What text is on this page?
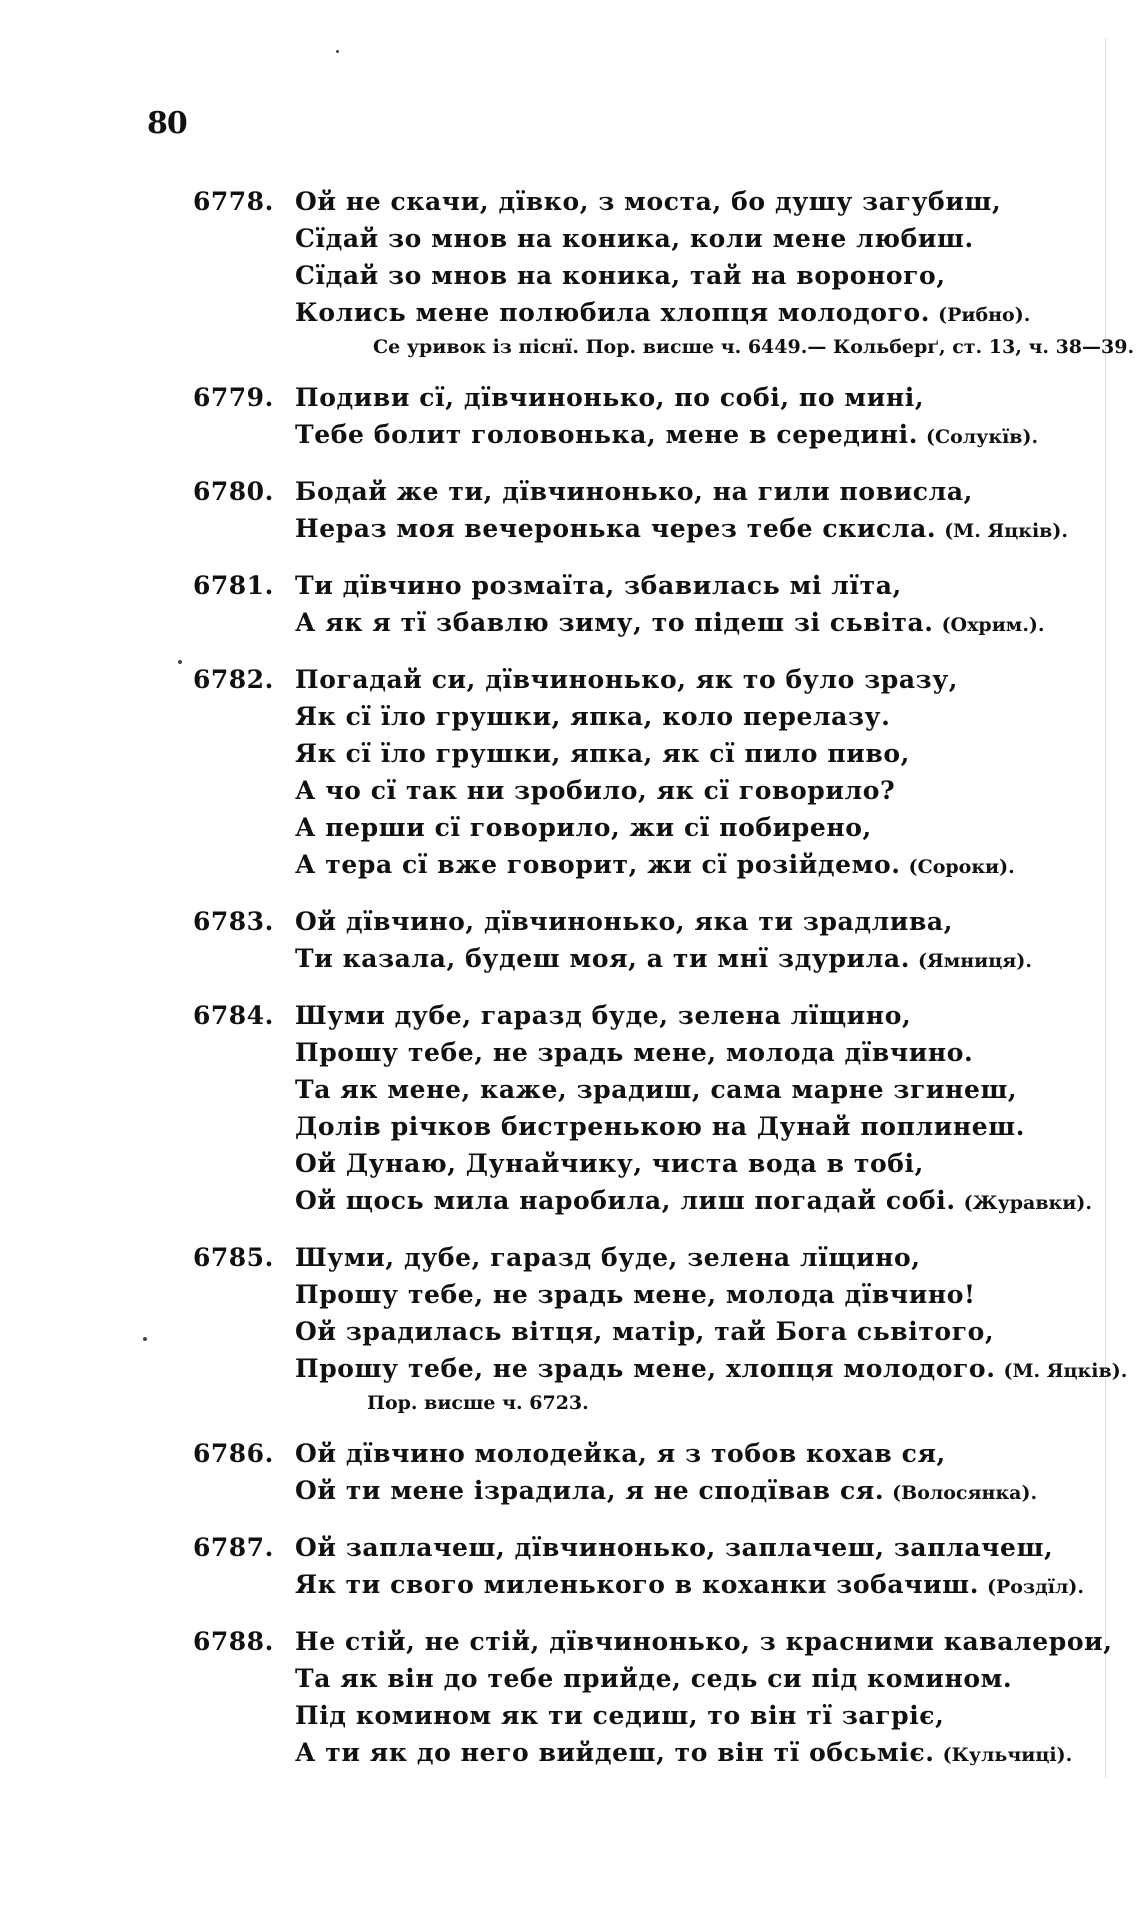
80
6778. Ой не скачи, дївко, з моста, бо душу загубиш,
Сїдай зо мнов на коника, коли мене любиш.
Сїдай зо мнов на коника, тай на вороного,
Колись мене полюбила хлопця молодого. (Рибно).
Се уривок із піснї. Пор. висше ч. 6449.— Кольберґ, ст. 13, ч. 38—39.
6779. Подиви сї, дївчинонько, по собі, по мині,
Тебе болит головонька, мене в середині. (Солукїв).
6780. Бодай же ти, дївчинонько, на гили повисла,
Нераз моя вечеронька через тебе скисла. (М. Яцків).
6781. Ти дївчино розмаїта, збавилась мі лїта,
А як я тї збавлю зиму, то підеш зі сьвіта. (Охрим.).
6782. Погадай си, дївчинонько, як то було зразу,
Як сї їло грушки, япка, коло перелазу.
Як сї їло грушки, япка, як сї пило пиво,
А чо сї так ни зробило, як сї говорило?
А перши сї говорило, жи сї побирено,
А тера сї вже говорит, жи сї розійдемо. (Сороки).
6783. Ой дївчино, дївчинонько, яка ти зрадлива,
Ти казала, будеш моя, а ти мнї здурила. (Ямниця).
6784. Шуми дубе, гаразд буде, зелена лїщино,
Прошу тебе, не зрадь мене, молода дївчино.
Та як мене, каже, зрадиш, сама марне згинеш,
Долів річков бистренькою на Дунай поплинеш.
Ой Дунаю, Дунайчику, чиста вода в тобі,
Ой щось мила наробила, лиш погадай собі. (Журавки).
6785. Шуми, дубе, гаразд буде, зелена лїщино,
Прошу тебе, не зрадь мене, молода дївчино!
Ой зрадилась вітця, матір, тай Бога сьвітого,
Прошу тебе, не зрадь мене, хлопця молодого. (М. Яцків).
Пор. висше ч. 6723.
6786. Ой дївчино молодейка, я з тобов кохав ся,
Ой ти мене ізрадила, я не сподївав ся. (Волосянка).
6787. Ой заплачеш, дївчинонько, заплачеш, заплачеш,
Як ти свого миленького в коханки зобачиш. (Роздїл).
6788. Не стій, не стій, дївчинонько, з красними кавалерои,
Та як він до тебе прийде, седь си під комином.
Під комином як ти седиш, то він тї загріє,
А ти як до него вийдеш, то він тї обсьміє. (Кульчиці).
